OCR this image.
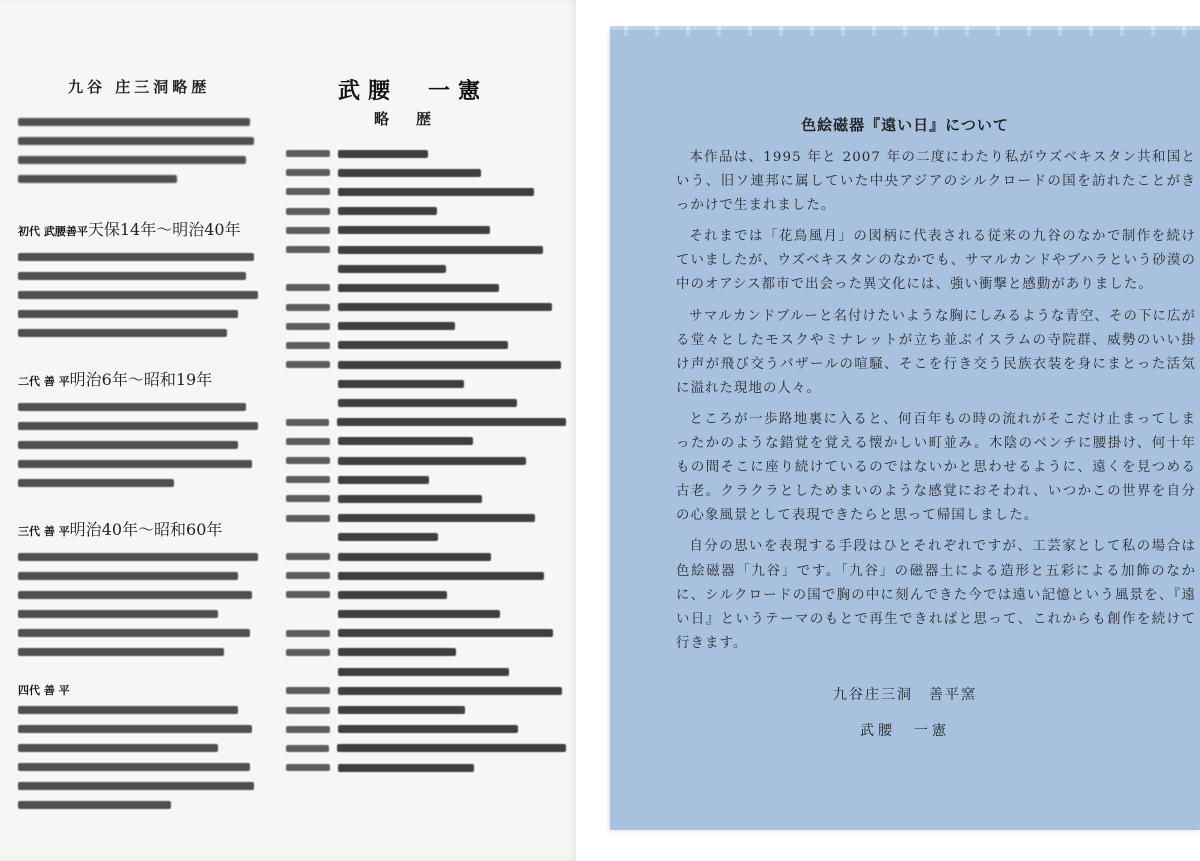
九谷 庄三洞略歴	武腰　一憲
略　歴
初代 武腰善平天保14年～明治40年
二代 善 平明治6年～昭和19年
三代 善 平明治40年～昭和60年
四代 善 平
色絵磁器『遠い日』について

本作品は、1995 年と 2007 年の二度にわたり私がウズベキスタン共和国という、旧ソ連邦に属していた中央アジアのシルクロードの国を訪れたことがきっかけで生まれました。

それまでは「花鳥風月」の図柄に代表される従来の九谷のなかで制作を続けていましたが、ウズベキスタンのなかでも、サマルカンドやブハラという砂漠の中のオアシス都市で出会った異文化には、強い衝撃と感動がありました。

サマルカンドブルーと名付けたいような胸にしみるような青空、その下に広がる堂々としたモスクやミナレットが立ち並ぶイスラムの寺院群、威勢のいい掛け声が飛び交うバザールの喧騒、そこを行き交う民族衣装を身にまとった活気に溢れた現地の人々。

ところが一歩路地裏に入ると、何百年もの時の流れがそこだけ止まってしまったかのような錯覚を覚える懐かしい町並み。木陰のベンチに腰掛け、何十年もの間そこに座り続けているのではないかと思わせるように、遠くを見つめる古老。クラクラとしためまいのような感覚におそわれ、いつかこの世界を自分の心象風景として表現できたらと思って帰国しました。

自分の思いを表現する手段はひとそれぞれですが、工芸家として私の場合は色絵磁器「九谷」です。「九谷」の磁器土による造形と五彩による加飾のなかに、シルクロードの国で胸の中に刻んできた今では遠い記憶という風景を、『遠い日』というテーマのもとで再生できればと思って、これからも創作を続けて行きます。

九谷庄三洞　善平窯
武腰　一憲
